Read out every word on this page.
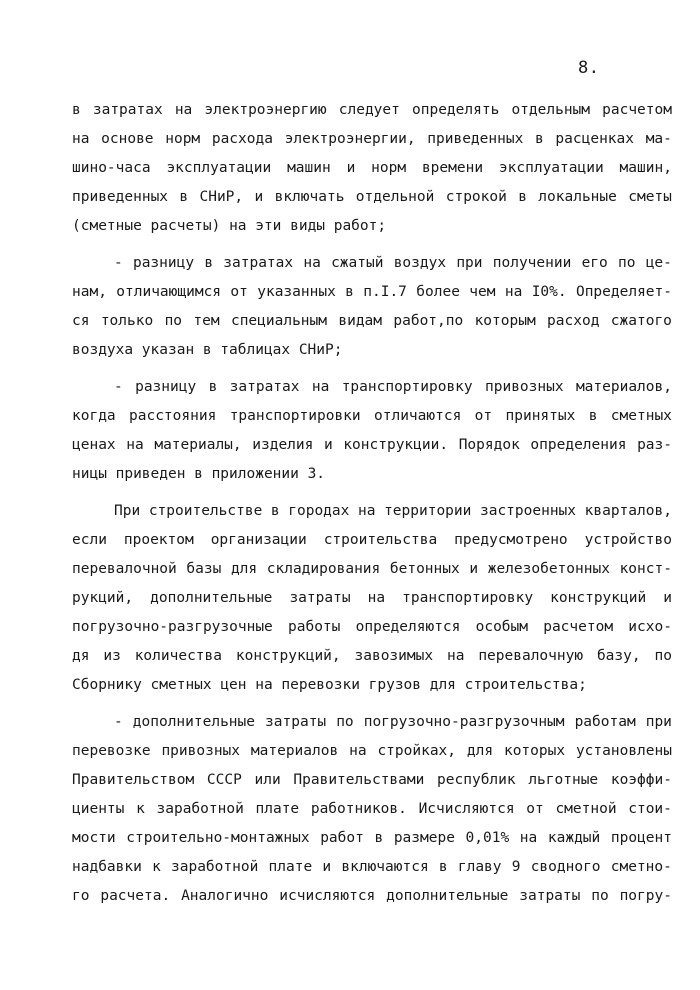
8.
в затратах на электроэнергию следует определять отдельным расчетом
на основе норм расхода электроэнергии, приведенных в расценках ма-
шино-часа эксплуатации машин и норм времени эксплуатации машин,
приведенных в СНиР, и включать отдельной строкой в локальные сметы
(сметные расчеты) на эти виды работ;
- разницу в затратах на сжатый воздух при получении его по це-
нам, отличающимся от указанных в п.I.7 более чем на I0%. Определяет-
ся только по тем специальным видам работ,по которым расход сжатого
воздуха указан в таблицах СНиР;
- разницу в затратах на транспортировку привозных материалов,
когда расстояния транспортировки отличаются от принятых в сметных
ценах на материалы, изделия и конструкции. Порядок определения раз-
ницы приведен в приложении 3.
При строительстве в городах на территории застроенных кварталов,
если проектом организации строительства предусмотрено устройство
перевалочной базы для складирования бетонных и железобетонных конст-
рукций, дополнительные затраты на транспортировку конструкций и
погрузочно-разгрузочные работы определяются особым расчетом исхо-
дя из количества конструкций, завозимых на перевалочную базу, по
Сборнику сметных цен на перевозки грузов для строительства;
- дополнительные затраты по погрузочно-разгрузочным работам при
перевозке привозных материалов на стройках, для которых установлены
Правительством СССР или Правительствами республик льготные коэффи-
циенты к заработной плате работников. Исчисляются от сметной стои-
мости строительно-монтажных работ в размере 0,01% на каждый процент
надбавки к заработной плате и включаются в главу 9 сводного сметно-
го расчета. Аналогично исчисляются дополнительные затраты по погру-
